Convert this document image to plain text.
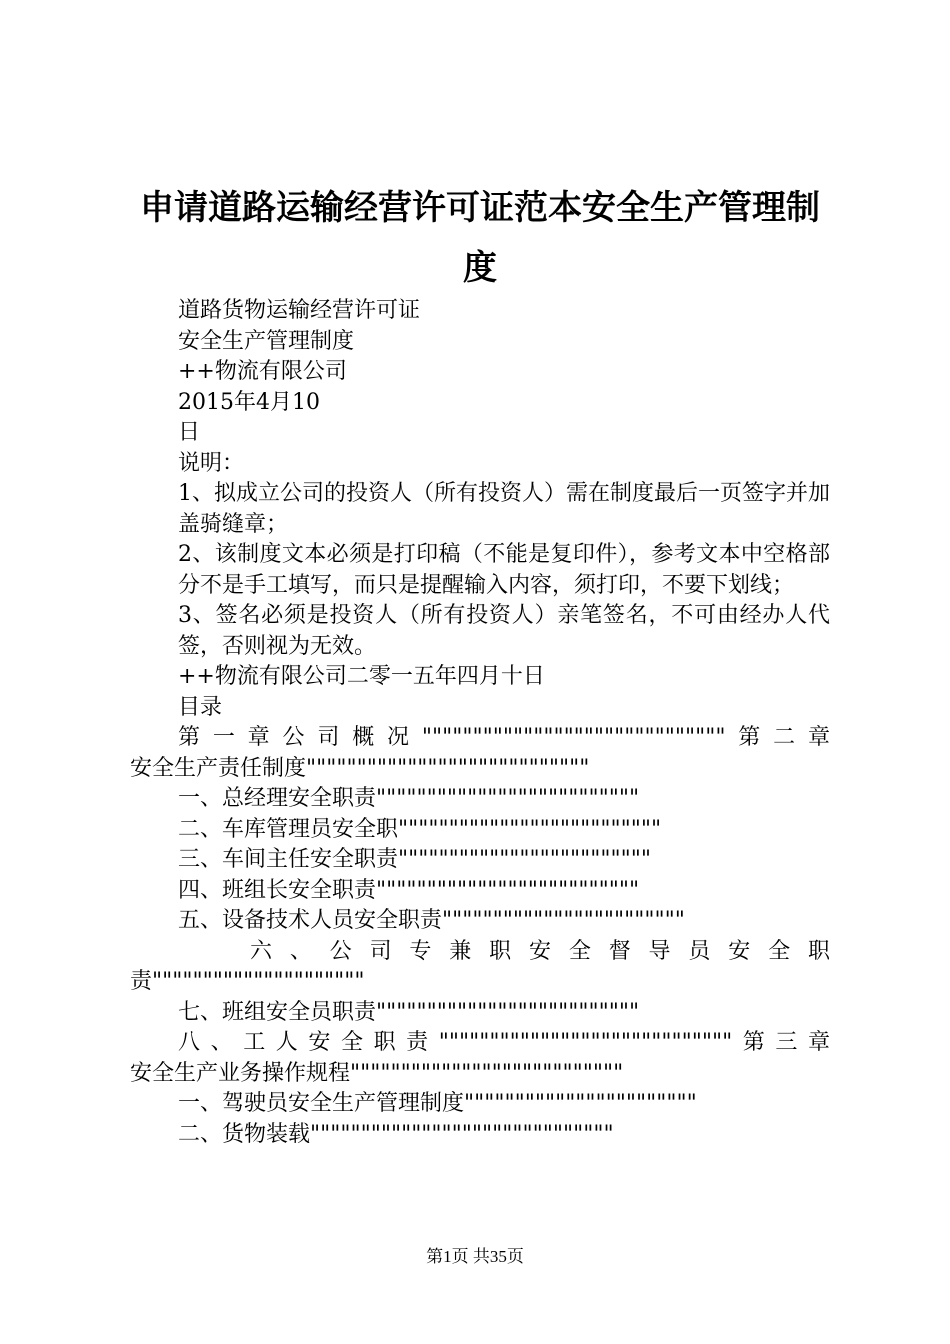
申请道路运输经营许可证范本安全生产管理制度
道路货物运输经营许可证
安全生产管理制度
++物流有限公司
2015年4月10
日
说明：
1、拟成立公司的投资人（所有投资人）需在制度最后一页签字并加盖骑缝章；
2、该制度文本必须是打印稿（不能是复印件），参考文本中空格部分不是手工填写，而只是提醒输入内容，须打印，不要下划线；
3、签名必须是投资人（所有投资人）亲笔签名，不可由经办人代签，否则视为无效。
++物流有限公司二零一五年四月十日
目录
第一章公司概况""""""""""""""""""""""""""""""第二章
安全生产责任制度""""""""""""""""""""""""""""
一、总经理安全职责""""""""""""""""""""""""""
二、车库管理员安全职""""""""""""""""""""""""""
三、车间主任安全职责"""""""""""""""""""""""""
四、班组长安全职责""""""""""""""""""""""""""
五、设备技术人员安全职责""""""""""""""""""""""""
六、公司专兼职安全督导员安全职
责"""""""""""""""""""""
七、班组安全员职责""""""""""""""""""""""""""
八、工人安全职责"""""""""""""""""""""""""""""第三章
安全生产业务操作规程"""""""""""""""""""""""""""
一、驾驶员安全生产管理制度"""""""""""""""""""""""
二、货物装载""""""""""""""""""""""""""""""
第1页 共35页
